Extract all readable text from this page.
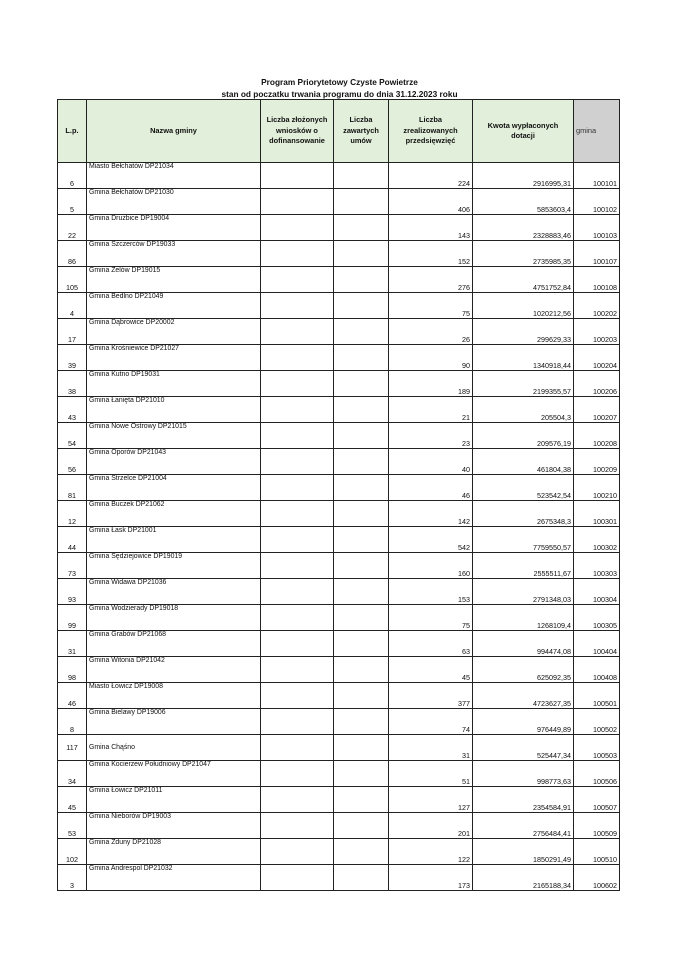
Program Priorytetowy Czyste Powietrze
stan od poczatku trwania programu do dnia 31.12.2023 roku
L.p.	Nazwa gminy	Liczba złożonych wniosków o dofinansowanie	Liczba zawartych umów	Liczba zrealizowanych przedsięwzięć	Kwota wypłaconych dotacji	gmina
6	Miasto Bełchatów DP21034			224	2916995,31	100101
5	Gmina Bełchatów DP21030			406	5853603,4	100102
22	Gmina Drużbice DP19004			143	2328883,46	100103
86	Gmina Szczerców DP19033			152	2735985,35	100107
105	Gmina Zelów DP19015			276	4751752,84	100108
4	Gmina Bedlno DP21049			75	1020212,56	100202
17	Gmina Dąbrowice DP20002			26	299629,33	100203
39	Gmina Krośniewice DP21027			90	1340918,44	100204
38	Gmina Kutno DP19031			189	2199355,57	100206
43	Gmina Łanięta DP21010			21	205504,3	100207
54	Gmina Nowe Ostrowy DP21015			23	209576,19	100208
56	Gmina Oporów DP21043			40	461804,38	100209
81	Gmina Strzelce DP21004			46	523542,54	100210
12	Gmina Buczek DP21062			142	2675348,3	100301
44	Gmina Łask DP21001			542	7759550,57	100302
73	Gmina Sędziejowice DP19019			160	2555511,67	100303
93	Gmina Widawa DP21036			153	2791348,03	100304
99	Gmina Wodzierady DP19018			75	1268109,4	100305
31	Gmina Grabów DP21068			63	994474,08	100404
98	Gmina Witonia DP21042			45	625092,35	100408
46	Miasto Łowicz DP19008			377	4723627,35	100501
8	Gmina Bielawy DP19006			74	976449,89	100502
117	Gmina Chąśno			31	525447,34	100503
34	Gmina Kocierzew Południowy DP21047			51	998773,63	100506
45	Gmina Łowicz DP21011			127	2354584,91	100507
53	Gmina Nieborów DP19003			201	2756484,41	100509
102	Gmina Zduny DP21028			122	1850291,49	100510
3	Gmina Andrespol DP21032			173	2165188,34	100602
